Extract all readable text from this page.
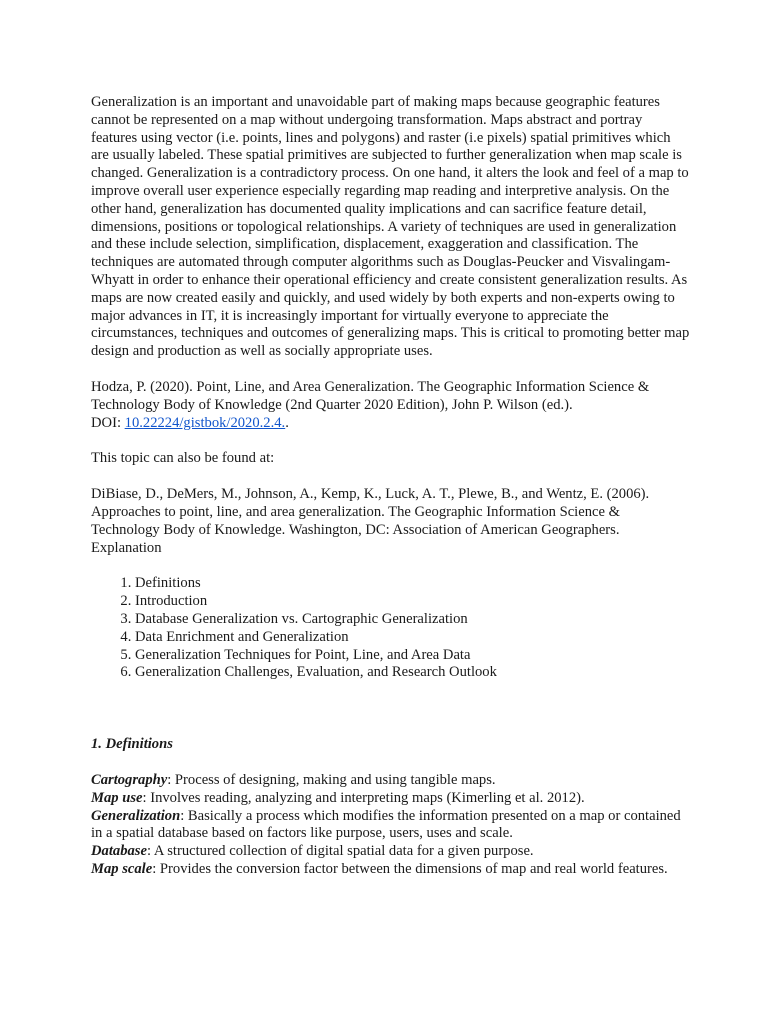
Generalization is an important and unavoidable part of making maps because geographic features cannot be represented on a map without undergoing transformation. Maps abstract and portray features using vector (i.e. points, lines and polygons) and raster (i.e pixels) spatial primitives which are usually labeled. These spatial primitives are subjected to further generalization when map scale is changed. Generalization is a contradictory process. On one hand, it alters the look and feel of a map to improve overall user experience especially regarding map reading and interpretive analysis. On the other hand, generalization has documented quality implications and can sacrifice feature detail, dimensions, positions or topological relationships. A variety of techniques are used in generalization and these include selection, simplification, displacement, exaggeration and classification. The techniques are automated through computer algorithms such as Douglas-Peucker and Visvalingam-Whyatt in order to enhance their operational efficiency and create consistent generalization results. As maps are now created easily and quickly, and used widely by both experts and non-experts owing to major advances in IT, it is increasingly important for virtually everyone to appreciate the circumstances, techniques and outcomes of generalizing maps. This is critical to promoting better map design and production as well as socially appropriate uses.

Hodza, P. (2020). Point, Line, and Area Generalization. The Geographic Information Science & Technology Body of Knowledge (2nd Quarter 2020 Edition), John P. Wilson (ed.).
DOI: 10.22224/gistbok/2020.2.4..

This topic can also be found at:

DiBiase, D., DeMers, M., Johnson, A., Kemp, K., Luck, A. T., Plewe, B., and Wentz, E. (2006). Approaches to point, line, and area generalization. The Geographic Information Science & Technology Body of Knowledge. Washington, DC: Association of American Geographers.
Explanation

1. Definitions
2. Introduction
3. Database Generalization vs. Cartographic Generalization
4. Data Enrichment and Generalization
5. Generalization Techniques for Point, Line, and Area Data
6. Generalization Challenges, Evaluation, and Research Outlook

1. Definitions

Cartography: Process of designing, making and using tangible maps.

Map use: Involves reading, analyzing and interpreting maps (Kimerling et al. 2012).

Generalization: Basically a process which modifies the information presented on a map or contained in a spatial database based on factors like purpose, users, uses and scale.

Database: A structured collection of digital spatial data for a given purpose.

Map scale: Provides the conversion factor between the dimensions of map and real world features.
